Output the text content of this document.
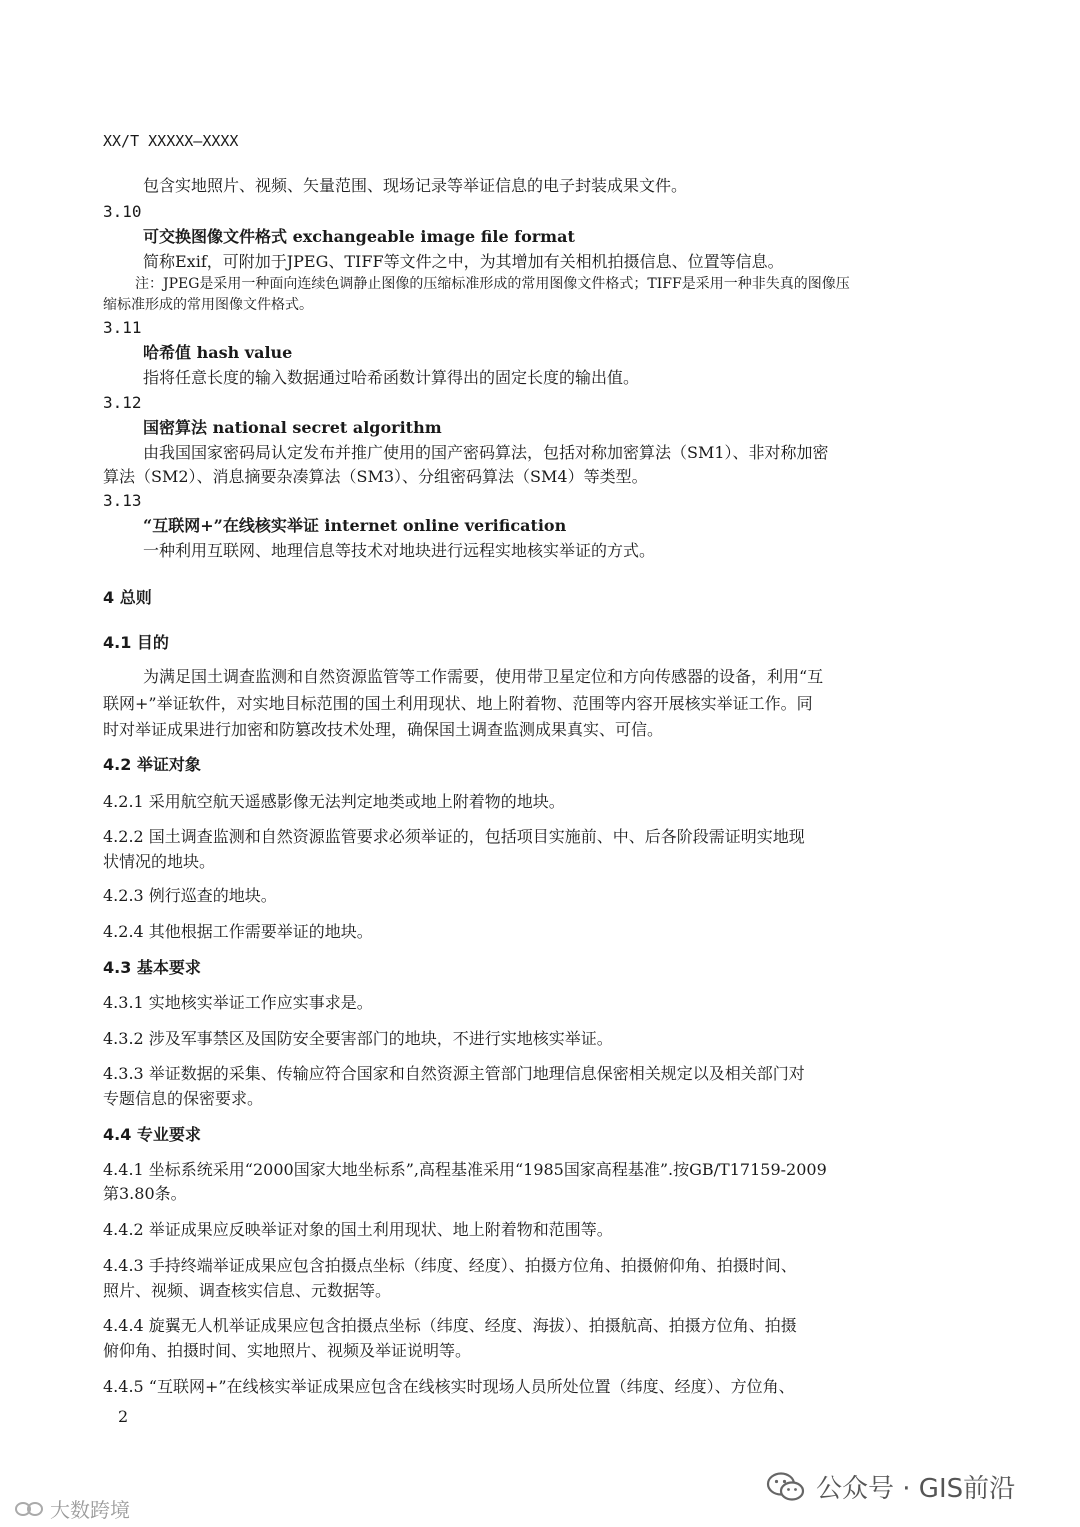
XX/T XXXXX—XXXX
包含实地照片、视频、矢量范围、现场记录等举证信息的电子封装成果文件。
3.10
可交换图像文件格式 exchangeable image file format
简称Exif，可附加于JPEG、TIFF等文件之中，为其增加有关相机拍摄信息、位置等信息。
注：JPEG是采用一种面向连续色调静止图像的压缩标准形成的常用图像文件格式；TIFF是采用一种非失真的图像压
缩标准形成的常用图像文件格式。
3.11
哈希值 hash value
指将任意长度的输入数据通过哈希函数计算得出的固定长度的输出值。
3.12
国密算法 national secret algorithm
由我国国家密码局认定发布并推广使用的国产密码算法，包括对称加密算法（SM1）、非对称加密
算法（SM2）、消息摘要杂凑算法（SM3）、分组密码算法（SM4）等类型。
3.13
“互联网+”在线核实举证 internet online verification
一种利用互联网、地理信息等技术对地块进行远程实地核实举证的方式。
4 总则
4.1 目的
为满足国土调查监测和自然资源监管等工作需要，使用带卫星定位和方向传感器的设备，利用“互
联网+”举证软件，对实地目标范围的国土利用现状、地上附着物、范围等内容开展核实举证工作。同
时对举证成果进行加密和防篡改技术处理，确保国土调查监测成果真实、可信。
4.2 举证对象
4.2.1 采用航空航天遥感影像无法判定地类或地上附着物的地块。
4.2.2 国土调查监测和自然资源监管要求必须举证的，包括项目实施前、中、后各阶段需证明实地现
状情况的地块。
4.2.3 例行巡查的地块。
4.2.4 其他根据工作需要举证的地块。
4.3 基本要求
4.3.1 实地核实举证工作应实事求是。
4.3.2 涉及军事禁区及国防安全要害部门的地块，不进行实地核实举证。
4.3.3 举证数据的采集、传输应符合国家和自然资源主管部门地理信息保密相关规定以及相关部门对
专题信息的保密要求。
4.4 专业要求
4.4.1 坐标系统采用“2000国家大地坐标系”,高程基准采用“1985国家高程基准”.按GB/T17159-2009
第3.80条。
4.4.2 举证成果应反映举证对象的国土利用现状、地上附着物和范围等。
4.4.3 手持终端举证成果应包含拍摄点坐标（纬度、经度）、拍摄方位角、拍摄俯仰角、拍摄时间、
照片、视频、调查核实信息、元数据等。
4.4.4 旋翼无人机举证成果应包含拍摄点坐标（纬度、经度、海拔）、拍摄航高、拍摄方位角、拍摄
俯仰角、拍摄时间、实地照片、视频及举证说明等。
4.4.5 “互联网+”在线核实举证成果应包含在线核实时现场人员所处位置（纬度、经度）、方位角、
2
公众号 · GIS前沿
大数跨境
